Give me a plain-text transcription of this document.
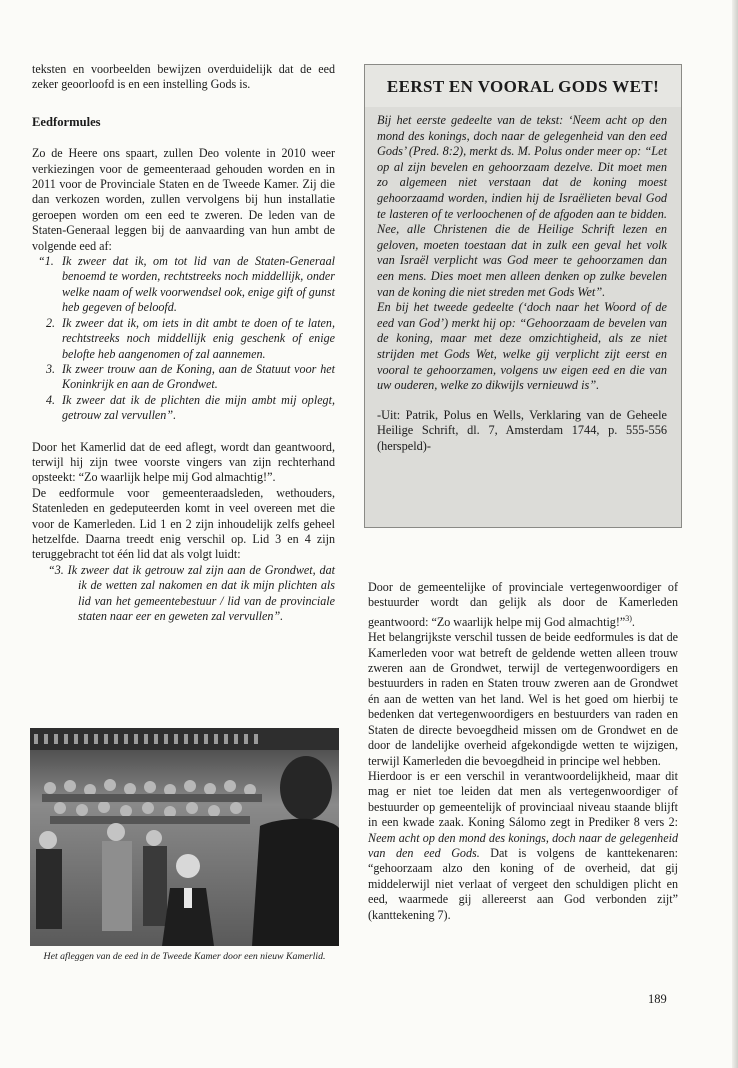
teksten en voorbeelden bewijzen overduidelijk dat de eed zeker geoorloofd is en een instelling Gods is.

Eedformules

Zo de Heere ons spaart, zullen Deo volente in 2010 weer verkiezingen voor de gemeenteraad gehouden worden en in 2011 voor de Provinciale Staten en de Tweede Kamer. Zij die dan verkozen worden, zullen vervolgens bij hun installatie geroepen worden om een eed te zweren. De leden van de Staten-Generaal leggen bij de aanvaarding van hun ambt de volgende eed af:

“1. Ik zweer dat ik, om tot lid van de Staten-Generaal benoemd te worden, rechtstreeks noch middellijk, onder welke naam of welk voorwendsel ook, enige gift of gunst heb gegeven of beloofd.
2. Ik zweer dat ik, om iets in dit ambt te doen of te laten, rechtstreeks noch middellijk enig geschenk of enige belofte heb aangenomen of zal aannemen.
3. Ik zweer trouw aan de Koning, aan de Statuut voor het Koninkrijk en aan de Grondwet.
4. Ik zweer dat ik de plichten die mijn ambt mij oplegt, getrouw zal vervullen”.

Door het Kamerlid dat de eed aflegt, wordt dan geantwoord, terwijl hij zijn twee voorste vingers van zijn rechterhand opsteekt: “Zo waarlijk helpe mij God almachtig!”.

De eedformule voor gemeenteraadsleden, wethouders, Statenleden en gedeputeerden komt in veel overeen met die voor de Kamerleden. Lid 1 en 2 zijn inhoudelijk zelfs geheel hetzelfde. Daarna treedt enig verschil op. Lid 3 en 4 zijn teruggebracht tot één lid dat als volgt luidt:

“3. Ik zweer dat ik getrouw zal zijn aan de Grondwet, dat ik de wetten zal nakomen en dat ik mijn plichten als lid van het gemeentebestuur / lid van de provinciale staten naar eer en geweten zal vervullen”.

EERST EN VOORAL GODS WET!

Bij het eerste gedeelte van de tekst: ‘Neem acht op den mond des konings, doch naar de gelegenheid van den eed Gods’ (Pred. 8:2), merkt ds. M. Polus onder meer op: “Let op al zijn bevelen en gehoorzaam dezelve. Dit moet men zo algemeen niet verstaan dat de koning moest gehoorzaamd worden, indien hij de Israëlieten beval God te lasteren of te verloochenen of de afgoden aan te bidden. Nee, alle Christenen die de Heilige Schrift lezen en geloven, moeten toestaan dat in zulk een geval het volk van Israël verplicht was God meer te gehoorzamen dan een mens. Dies moet men alleen denken op zulke bevelen van de koning die niet streden met Gods Wet”.

En bij het tweede gedeelte (‘doch naar het Woord of de eed van God’) merkt hij op: “Gehoorzaam de bevelen van de koning, maar met deze omzichtigheid, als ze niet strijden met Gods Wet, welke gij verplicht zijt eerst en vooral te gehoorzamen, volgens uw eigen eed en die van uw ouderen, welke zo dikwijls vernieuwd is”.

-Uit: Patrik, Polus en Wells, Verklaring van de Geheele Heilige Schrift, dl. 7, Amsterdam 1744, p. 555-556 (herspeld)-
Het afleggen van de eed in de Tweede Kamer door een nieuw Kamerlid.

Door de gemeentelijke of provinciale vertegenwoordiger of bestuurder wordt dan gelijk als door de Kamerleden geantwoord: “Zo waarlijk helpe mij God almachtig!”$^{3)}$.

Het belangrijkste verschil tussen de beide eedformules is dat de Kamerleden voor wat betreft de geldende wetten alleen trouw zweren aan de Grondwet, terwijl de vertegenwoordigers en bestuurders in raden en Staten trouw zweren aan de Grondwet én aan de wetten van het land. Wel is het goed om hierbij te bedenken dat vertegenwoordigers en bestuurders van raden en Staten de directe bevoegdheid missen om de Grondwet en de door de landelijke overheid afgekondigde wetten te wijzigen, terwijl Kamerleden die bevoegdheid in principe wel hebben.

Hierdoor is er een verschil in verantwoordelijkheid, maar dit mag er niet toe leiden dat men als vertegenwoordiger of bestuurder op gemeentelijk of provinciaal niveau staande blijft in een kwade zaak. Koning Sálomo zegt in Prediker 8 vers 2: Neem acht op den mond des konings, doch naar de gelegenheid van den eed Gods. Dat is volgens de kanttekenaren: “gehoorzaam alzo den koning of de overheid, dat gij middelerwijl niet verlaat of vergeet den schuldigen plicht en eed, waarmede gij allereerst aan God verbonden zijt” (kanttekening 7).

189
